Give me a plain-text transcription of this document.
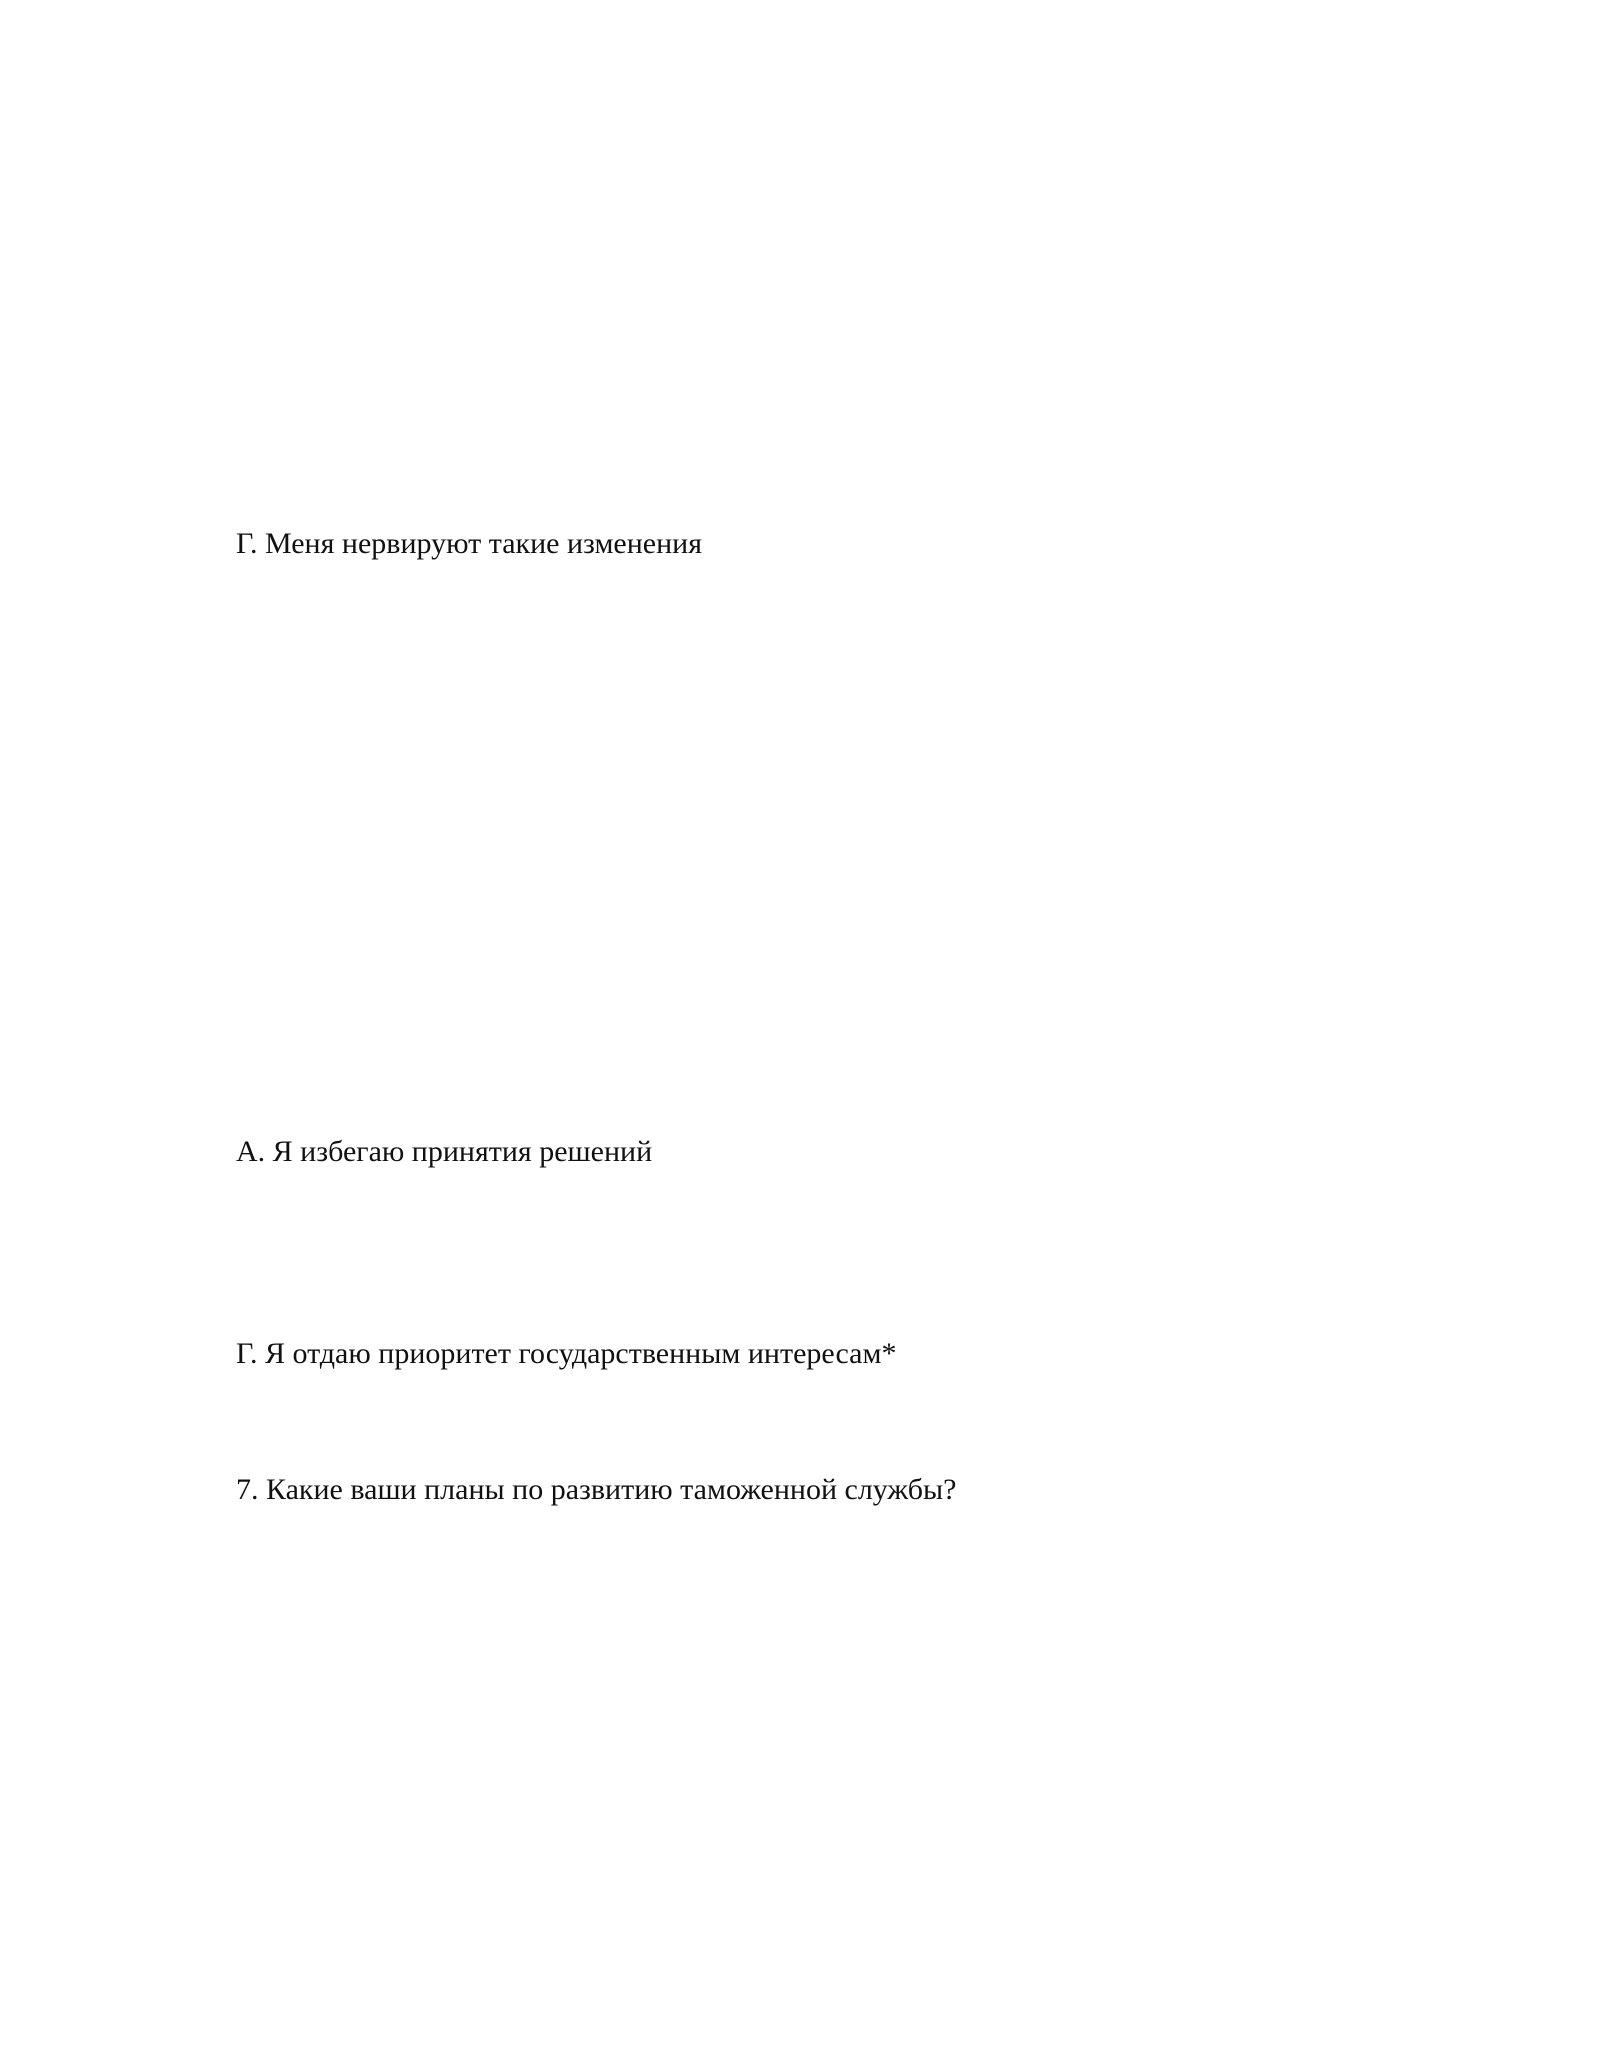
Г. Меня нервируют такие изменения
А. Я избегаю принятия решений
Г. Я отдаю приоритет государственным интересам*
7. Какие ваши планы по развитию таможенной службы?
